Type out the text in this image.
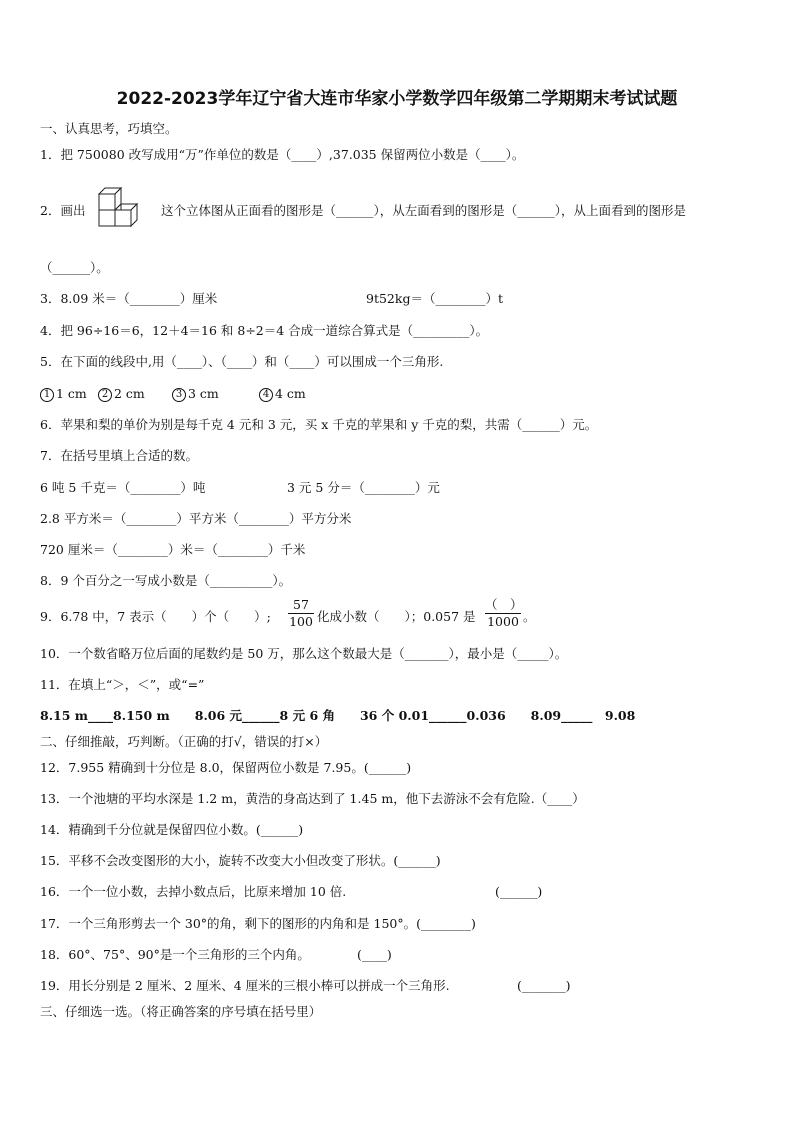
2022-2023学年辽宁省大连市华家小学数学四年级第二学期期末考试试题
一、认真思考，巧填空。
1．把 750080 改写成用“万”作单位的数是（____）,37.035 保留两位小数是（____）。
2．画出	这个立体图从正面看的图形是（______），从左面看到的图形是（______），从上面看到的图形是
（______）。
3．8.09 米＝（________）厘米	9t52kg＝（________）t
4．把 96÷16＝6，12＋4＝16 和 8÷2＝4 合成一道综合算式是（_________）。
5．在下面的线段中,用（____）、（____）和（____）可以围成一个三角形.
1 1 cm	2 2 cm	3 3 cm	4 4 cm
6．苹果和梨的单价为别是每千克 4 元和 3 元，买 x 千克的苹果和 y 千克的梨，共需（______）元。
7．在括号里填上合适的数。
6 吨 5 千克＝（________）吨	3 元 5 分＝（________）元
2.8 平方米＝（________）平方米（________）平方分米
720 厘米＝（________）米＝（________）千米
8．9 个百分之一写成小数是（__________）。
9．6.78 中，7 表示（　　）个（　　）;
57
100 化成小数（　　）；0.057 是
（　）
1000 。
10．一个数省略万位后面的尾数约是 50 万，那么这个数最大是（_______），最小是（_____）。
11．在填上“＞，＜”，或“=”
8.15 m____8.150 m　　8.06 元______8 元 6 角　　36 个 0.01______0.036　　8.09_____　9.08
二、仔细推敲，巧判断。（正确的打√，错误的打×）
12．7.955 精确到十分位是 8.0，保留两位小数是 7.95。(______)
13．一个池塘的平均水深是 1.2 m，黄浩的身高达到了 1.45 m，他下去游泳不会有危险.（____）
14．精确到千分位就是保留四位小数。(______)
15．平移不会改变图形的大小，旋转不改变大小但改变了形状。(______)
16．一个一位小数，去掉小数点后，比原来增加 10 倍.	(______)
17．一个三角形剪去一个 30°的角，剩下的图形的内角和是 150°。(________)
18．60°、75°、90°是一个三角形的三个内角。	(____)
19．用长分别是 2 厘米、2 厘米、4 厘米的三根小棒可以拼成一个三角形.	(_______)
三、仔细选一选。（将正确答案的序号填在括号里）
